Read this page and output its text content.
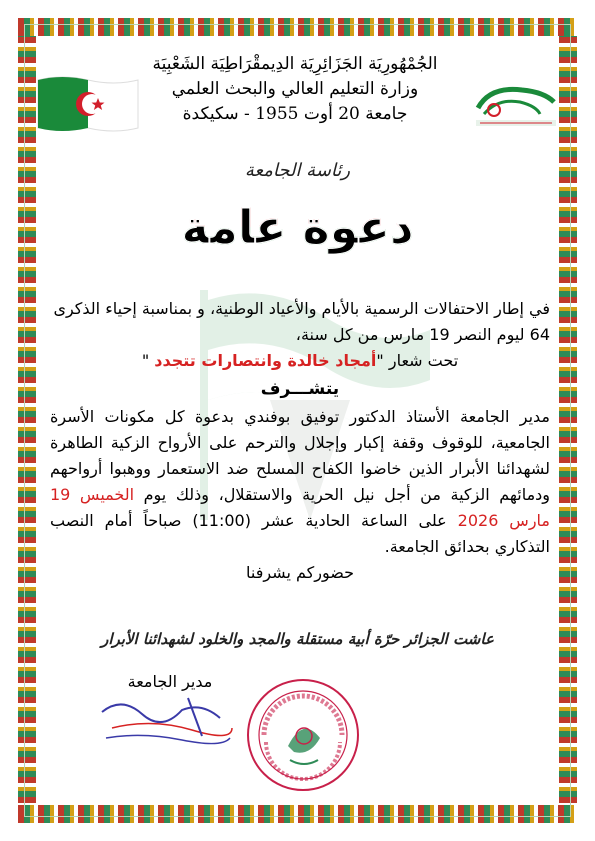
الجُمْهُورِيَة الجَزَائِرِيَة الدِيمقْرَاطِيَة الشَعْبِيَة
وزارة التعليم العالي والبحث العلمي
جامعة 20 أوت 1955 - سكيكدة
رئاسة الجامعة
دعوة عامة
في إطار الاحتفالات الرسمية بالأيام والأعياد الوطنية، و بمناسبة إحياء الذكرى 64 ليوم النصر 19 مارس من كل سنة،
تحت شعار "أمجاد خالدة وانتصارات تتجدد "
يتشـــرف
مدير الجامعة الأستاذ الدكتور توفيق بوفندي بدعوة كل مكونات الأسرة الجامعية، للوقوف وقفة إكبار وإجلال والترحم على الأرواح الزكية الطاهرة لشهدائنا الأبرار الذين خاضوا الكفاح المسلح ضد الاستعمار ووهبوا أرواحهم ودمائهم الزكية من أجل نيل الحرية والاستقلال، وذلك يوم الخميس 19 مارس 2026 على الساعة الحادية عشر (11:00) صباحاً أمام النصب التذكاري بحدائق الجامعة.
حضوركم يشرفنا
عاشت الجزائر حرّة أبية مستقلة والمجد والخلود لشهدائنا الأبرار
مدير الجامعة
